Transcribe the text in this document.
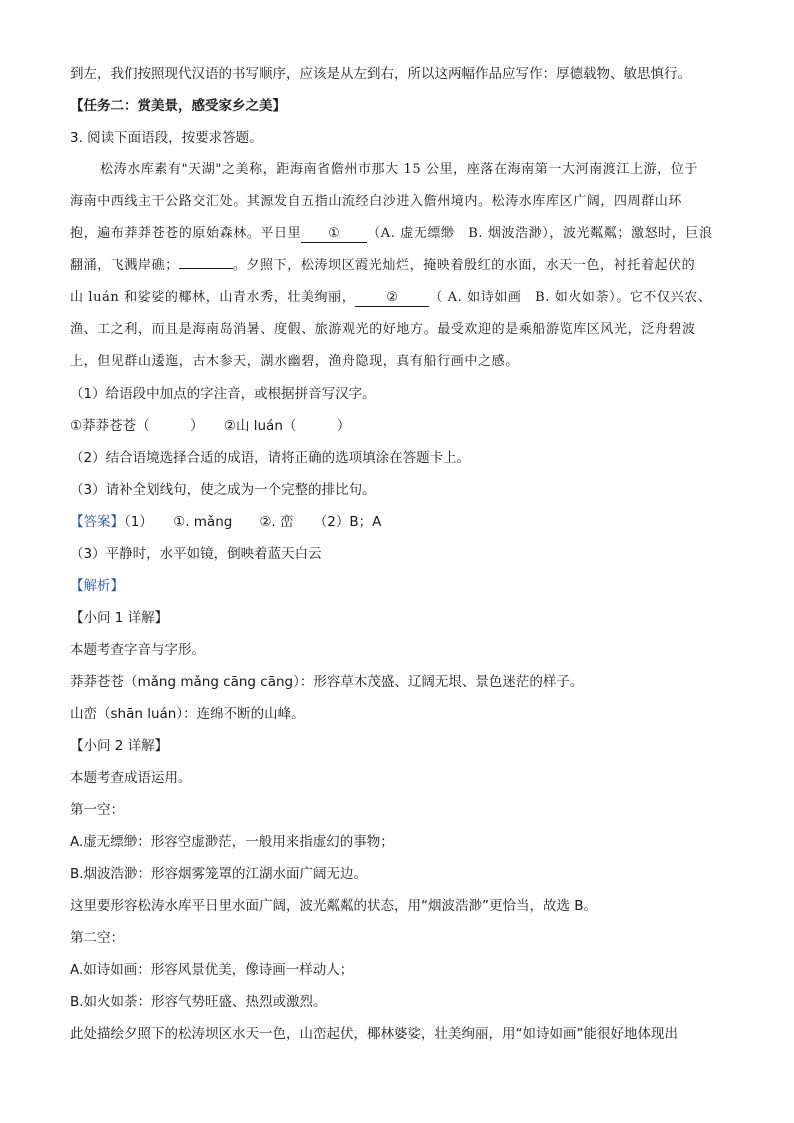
到左，我们按照现代汉语的书写顺序，应该是从左到右，所以这两幅作品应写作：厚德载物、敏思慎行。
【任务二：赏美景，感受家乡之美】
3. 阅读下面语段，按要求答题。
松涛水库素有"天湖"之美称，距海南省儋州市那大 15 公里，座落在海南第一大河南渡江上游，位于
海南中西线主干公路交汇处。其源发自五指山流经白沙进入儋州境内。松涛水库库区广阔，四周群山环
抱，遍布莽莽苍苍的原始森林。平日里 ① （A. 虚无缥缈　B. 烟波浩渺），波光粼粼；激怒时，巨浪
翻涌，飞溅岸礁；	。夕照下，松涛坝区霞光灿烂，掩映着殷红的水面，水天一色，衬托着起伏的
山 luán 和娑娑的椰林，山青水秀，壮美绚丽， ② （ A. 如诗如画　B. 如火如荼）。它不仅兴农、
渔、工之利，而且是海南岛消暑、度假、旅游观光的好地方。最受欢迎的是乘船游览库区风光，泛舟碧波
上，但见群山逶迤，古木参天，湖水幽碧，渔舟隐现，真有船行画中之感。
（1）给语段中加点的字注音，或根据拼音写汉字。
①莽莽苍苍（　　　）　　②山 luán（　　　）
（2）结合语境选择合适的成语，请将正确的选项填涂在答题卡上。
（3）请补全划线句，使之成为一个完整的排比句。
【答案】（1）　　①. mǎng　　②. 峦　　（2）B；A
（3）平静时，水平如镜，倒映着蓝天白云
【解析】
【小问 1 详解】
本题考查字音与字形。
莽莽苍苍（mǎng mǎng cāng cāng）：形容草木茂盛、辽阔无垠、景色迷茫的样子。
山峦（shān luán）：连绵不断的山峰。
【小问 2 详解】
本题考查成语运用。
第一空：
A.虚无缥缈：形容空虚渺茫，一般用来指虚幻的事物；
B.烟波浩渺：形容烟雾笼罩的江湖水面广阔无边。
这里要形容松涛水库平日里水面广阔，波光粼粼的状态，用“烟波浩渺”更恰当，故选 B。
第二空：
A.如诗如画：形容风景优美，像诗画一样动人；
B.如火如荼：形容气势旺盛、热烈或激烈。
此处描绘夕照下的松涛坝区水天一色，山峦起伏，椰林婆娑，壮美绚丽，用“如诗如画”能很好地体现出
